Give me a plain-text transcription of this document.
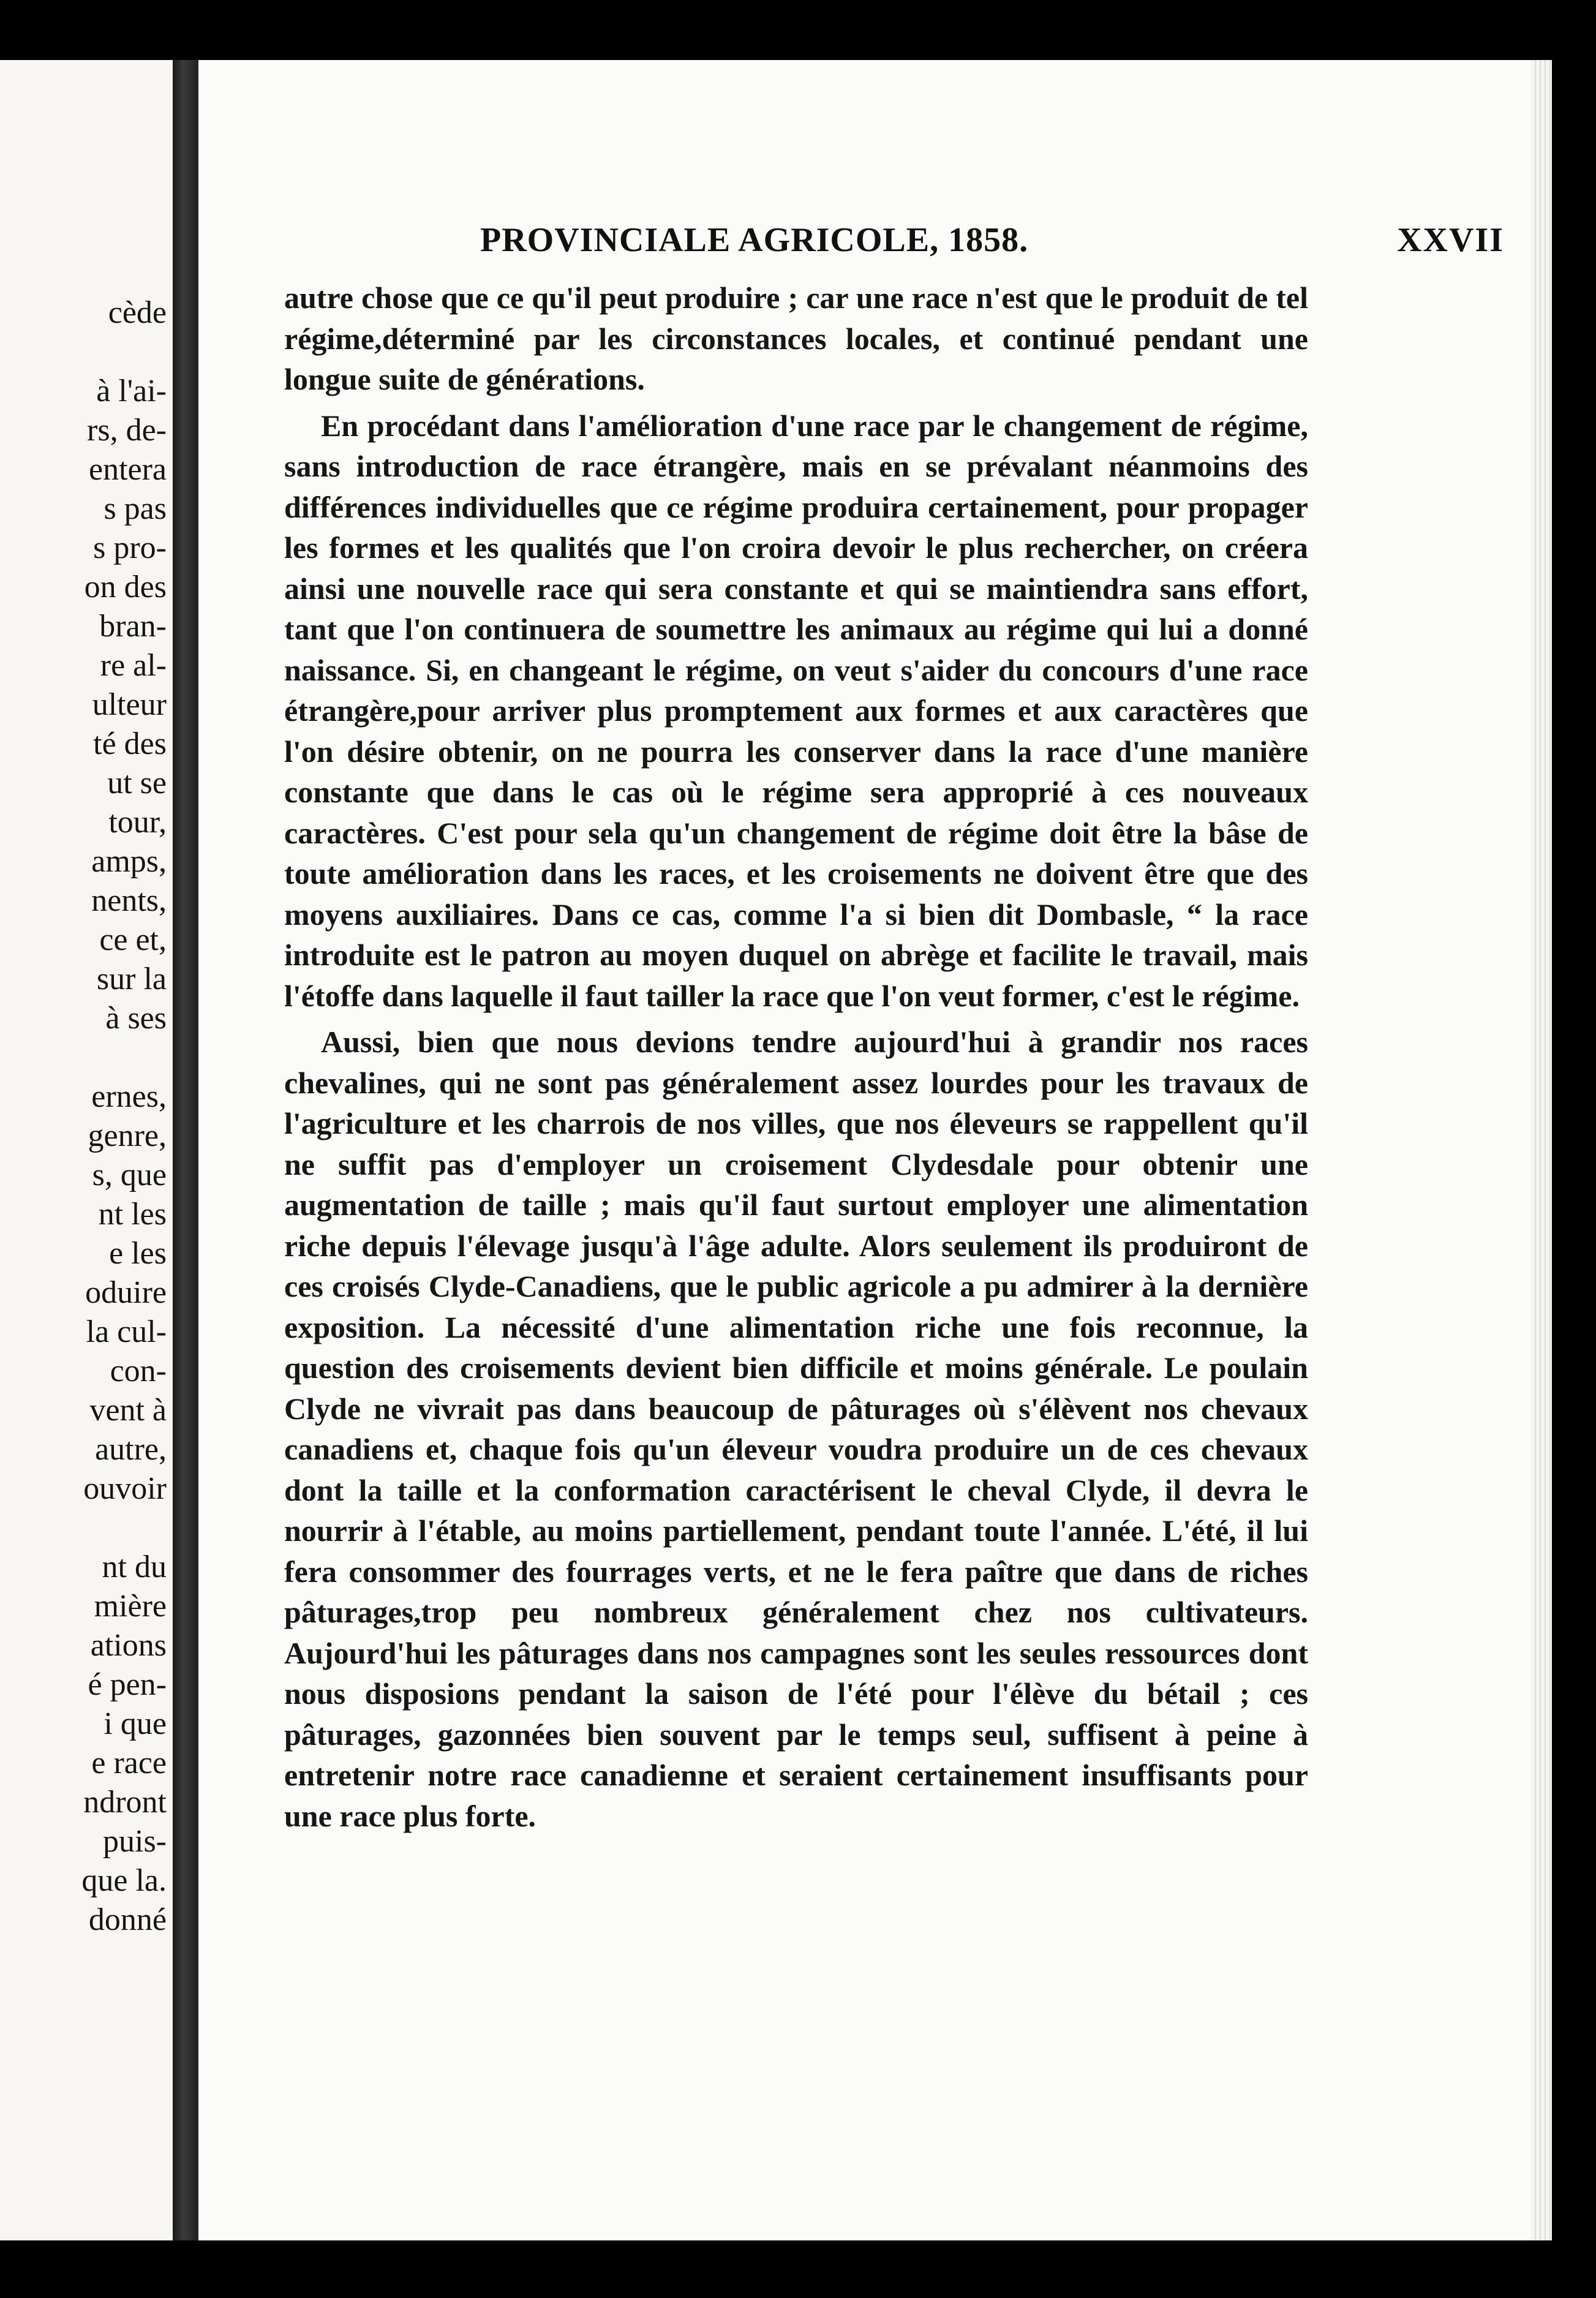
cède
à l'ai-
rs, de-
entera
s pas
s pro-
on des
bran-
re al-
ulteur
té des
ut se
tour,
amps,
nents,
ce et,
sur la
à ses
ernes,
genre,
s, que
nt les
e les
oduire
la cul-
con-
vent à
autre,
ouvoir
nt du
mière
ations
é pen-
i que
e race
ndront
puis-
que la.
donné
PROVINCIALE AGRICOLE, 1858.	XXVII

autre chose que ce qu'il peut produire ; car une race n'est que le produit de tel régime,déterminé par les circonstances locales, et continué pendant une longue suite de générations.

En procédant dans l'amélioration d'une race par le changement de régime, sans introduction de race étrangère, mais en se prévalant néanmoins des différences individuelles que ce régime produira certainement, pour propager les formes et les qualités que l'on croira devoir le plus rechercher, on créera ainsi une nouvelle race qui sera constante et qui se maintiendra sans effort, tant que l'on continuera de soumettre les animaux au régime qui lui a donné naissance. Si, en changeant le régime, on veut s'aider du concours d'une race étrangère,pour arriver plus promptement aux formes et aux caractères que l'on désire obtenir, on ne pourra les conserver dans la race d'une manière constante que dans le cas où le régime sera approprié à ces nouveaux caractères. C'est pour sela qu'un changement de régime doit être la bâse de toute amélioration dans les races, et les croisements ne doivent être que des moyens auxiliaires. Dans ce cas, comme l'a si bien dit Dombasle, “ la race introduite est le patron au moyen duquel on abrège et facilite le travail, mais l'étoffe dans laquelle il faut tailler la race que l'on veut former, c'est le régime.

Aussi, bien que nous devions tendre aujourd'hui à grandir nos races chevalines, qui ne sont pas généralement assez lourdes pour les travaux de l'agriculture et les charrois de nos villes, que nos éleveurs se rappellent qu'il ne suffit pas d'employer un croisement Clydesdale pour obtenir une augmentation de taille ; mais qu'il faut surtout employer une alimentation riche depuis l'élevage jusqu'à l'âge adulte. Alors seulement ils produiront de ces croisés Clyde-Canadiens, que le public agricole a pu admirer à la dernière exposition. La nécessité d'une alimentation riche une fois reconnue, la question des croisements devient bien difficile et moins générale. Le poulain Clyde ne vivrait pas dans beaucoup de pâturages où s'élèvent nos chevaux canadiens et, chaque fois qu'un éleveur voudra produire un de ces chevaux dont la taille et la conformation caractérisent le cheval Clyde, il devra le nourrir à l'étable, au moins partiellement, pendant toute l'année. L'été, il lui fera consommer des fourrages verts, et ne le fera paître que dans de riches pâturages,trop peu nombreux généralement chez nos cultivateurs. Aujourd'hui les pâturages dans nos campagnes sont les seules ressources dont nous disposions pendant la saison de l'été pour l'élève du bétail ; ces pâturages, gazonnées bien souvent par le temps seul, suffisent à peine à entretenir notre race canadienne et seraient certainement insuffisants pour une race plus forte.
